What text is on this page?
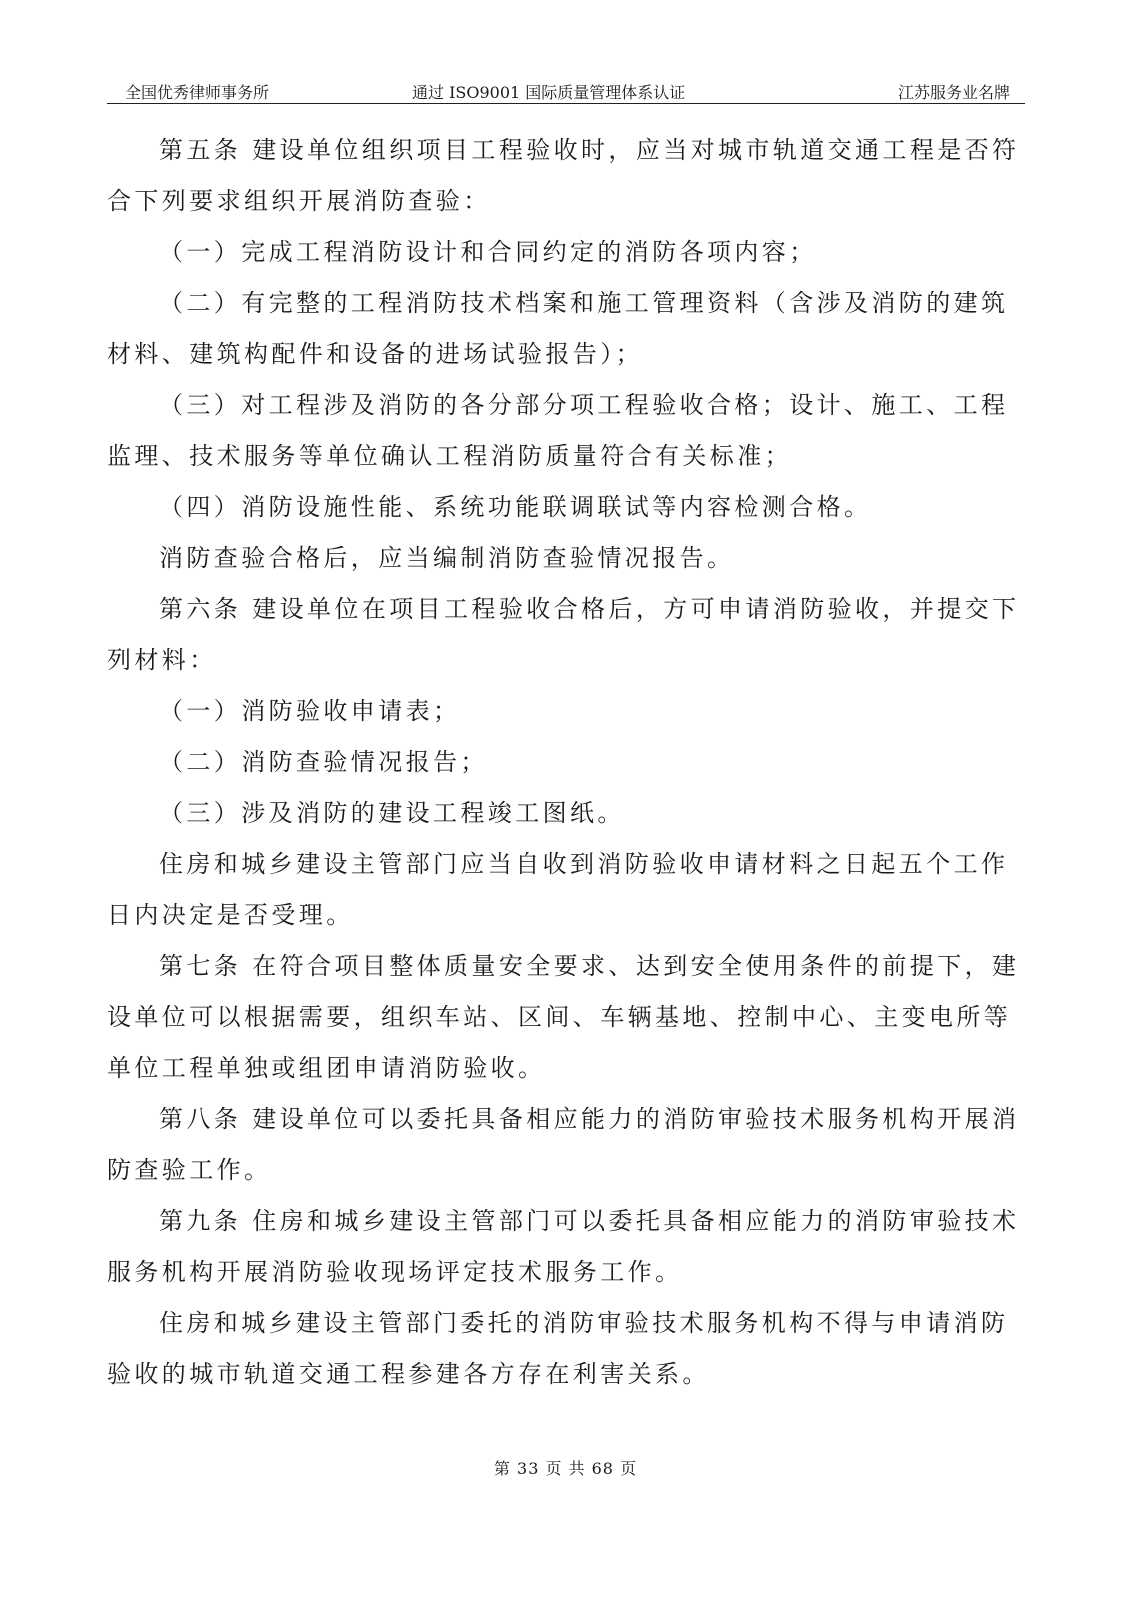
全国优秀律师事务所	通过 ISO9001 国际质量管理体系认证	江苏服务业名牌

第五条 建设单位组织项目工程验收时，应当对城市轨道交通工程是否符合下列要求组织开展消防查验：

（一）完成工程消防设计和合同约定的消防各项内容；

（二）有完整的工程消防技术档案和施工管理资料（含涉及消防的建筑材料、建筑构配件和设备的进场试验报告）；

（三）对工程涉及消防的各分部分项工程验收合格；设计、施工、工程监理、技术服务等单位确认工程消防质量符合有关标准；

（四）消防设施性能、系统功能联调联试等内容检测合格。

消防查验合格后，应当编制消防查验情况报告。

第六条 建设单位在项目工程验收合格后，方可申请消防验收，并提交下列材料：

（一）消防验收申请表；

（二）消防查验情况报告；

（三）涉及消防的建设工程竣工图纸。

住房和城乡建设主管部门应当自收到消防验收申请材料之日起五个工作日内决定是否受理。

第七条 在符合项目整体质量安全要求、达到安全使用条件的前提下，建设单位可以根据需要，组织车站、区间、车辆基地、控制中心、主变电所等单位工程单独或组团申请消防验收。

第八条 建设单位可以委托具备相应能力的消防审验技术服务机构开展消防查验工作。

第九条 住房和城乡建设主管部门可以委托具备相应能力的消防审验技术服务机构开展消防验收现场评定技术服务工作。

住房和城乡建设主管部门委托的消防审验技术服务机构不得与申请消防验收的城市轨道交通工程参建各方存在利害关系。

第 33 页 共 68 页
